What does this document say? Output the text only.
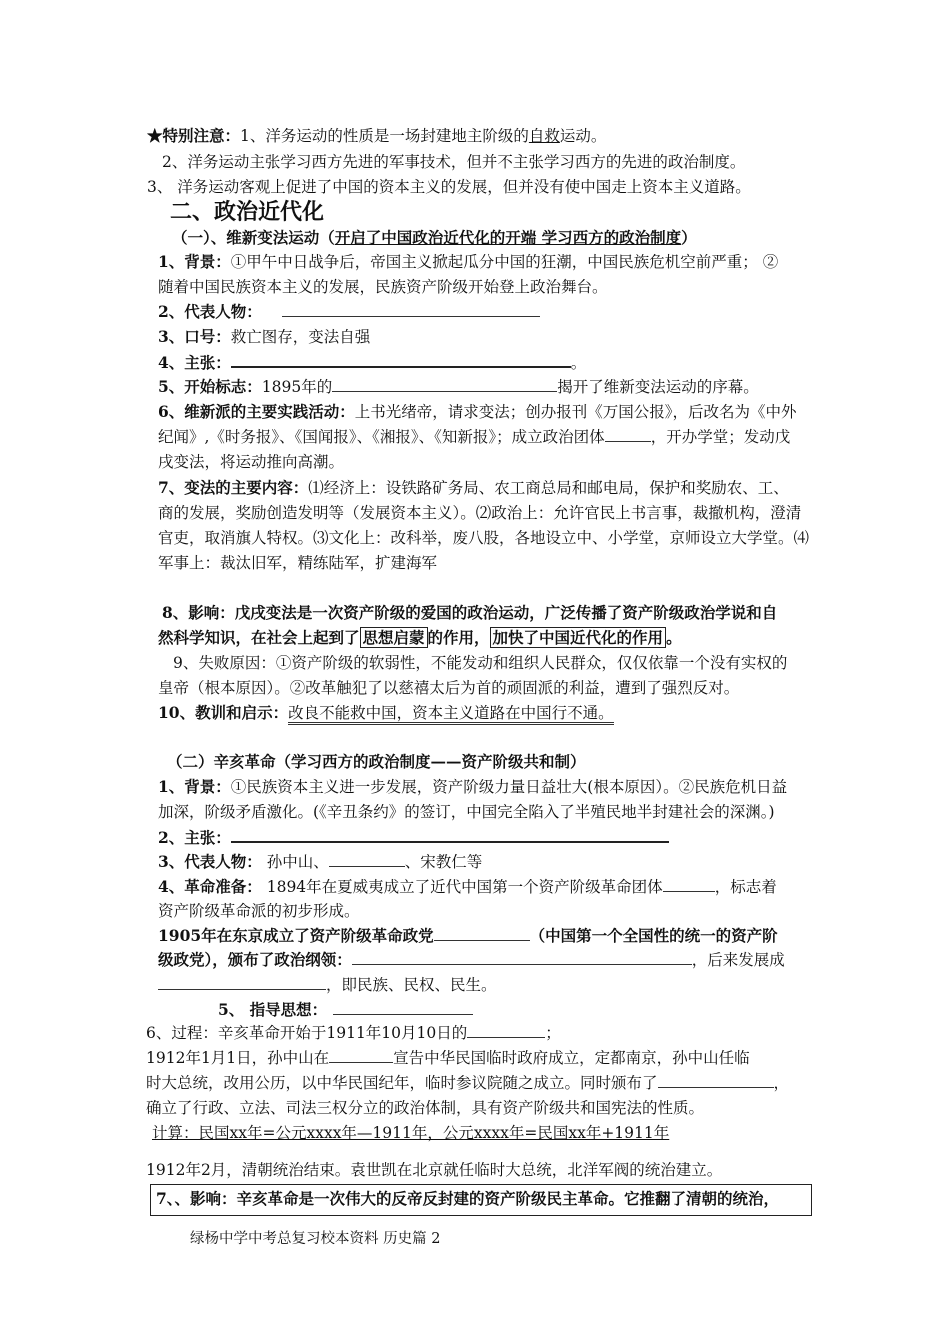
★特别注意：1、洋务运动的性质是一场封建地主阶级的自救运动。
2、洋务运动主张学习西方先进的军事技术，但并不主张学习西方的先进的政治制度。
3、 洋务运动客观上促进了中国的资本主义的发展，但并没有使中国走上资本主义道路。
二、政治近代化
（一）、维新变法运动（开启了中国政治近代化的开端 学习西方的政治制度）
1、背景：①甲午中日战争后，帝国主义掀起瓜分中国的狂潮，中国民族危机空前严重； ②
随着中国民族资本主义的发展，民族资产阶级开始登上政治舞台。
2、代表人物：
3、口号：救亡图存，变法自强
4、主张：	。
5、开始标志：1895年的	揭开了维新变法运动的序幕。
6、维新派的主要实践活动：上书光绪帝，请求变法；创办报刊《万国公报》，后改名为《中外
纪闻》,《时务报》、《国闻报》、《湘报》、《知新报》；成立政治团体	，开办学堂；发动戊
戌变法，将运动推向高潮。
7、变法的主要内容：⑴经济上：设铁路矿务局、农工商总局和邮电局，保护和奖励农、工、
商的发展，奖励创造发明等（发展资本主义）。⑵政治上：允许官民上书言事，裁撤机构，澄清
官吏，取消旗人特权。⑶文化上：改科举，废八股，各地设立中、小学堂，京师设立大学堂。⑷
军事上：裁汰旧军，精练陆军，扩建海军
8、影响：戊戌变法是一次资产阶级的爱国的政治运动，广泛传播了资产阶级政治学说和自
然科学知识，在社会上起到了 思想启蒙 的作用， 加快了中国近代化的作用 。
9、失败原因：①资产阶级的软弱性，不能发动和组织人民群众，仅仅依靠一个没有实权的
皇帝（根本原因）。②改革触犯了以慈禧太后为首的顽固派的利益，遭到了强烈反对。
10、教训和启示：改良不能救中国，资本主义道路在中国行不通。
（二）辛亥革命（学习西方的政治制度——资产阶级共和制）
1、背景：①民族资本主义进一步发展，资产阶级力量日益壮大(根本原因）。②民族危机日益
加深，阶级矛盾激化。(《辛丑条约》的签订，中国完全陷入了半殖民地半封建社会的深渊。)
2、主张：
3、代表人物： 孙中山、	、宋教仁等
4、革命准备： 1894年在夏威夷成立了近代中国第一个资产阶级革命团体	，标志着
资产阶级革命派的初步形成。
1905年在东京成立了资产阶级革命政党	（中国第一个全国性的统一的资产阶
级政党），颁布了政治纲领：	，后来发展成
，即民族、民权、民生。
5、 指导思想：
6、过程：辛亥革命开始于1911年10月10日的	；
1912年1月1日，孙中山在	宣告中华民国临时政府成立，定都南京，孙中山任临
时大总统，改用公历，以中华民国纪年，临时参议院随之成立。同时颁布了	，
确立了行政、立法、司法三权分立的政治体制，具有资产阶级共和国宪法的性质。
计算：民国xx年=公元xxxx年—1911年，公元xxxx年=民国xx年+1911年
1912年2月，清朝统治结束。袁世凯在北京就任临时大总统，北洋军阀的统治建立。
7、、影响：辛亥革命是一次伟大的反帝反封建的资产阶级民主革命。它推翻了清朝的统治，
绿杨中学中考总复习校本资料 历史篇 2
